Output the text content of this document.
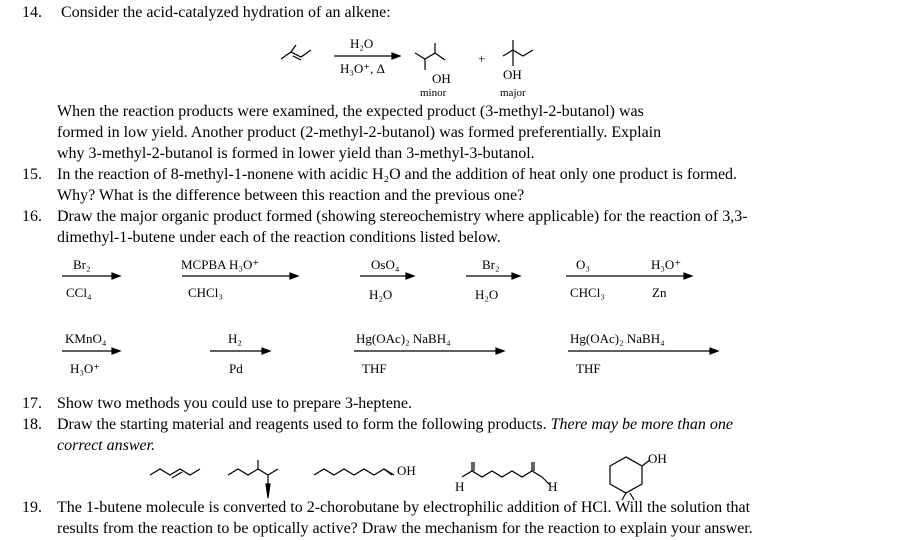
14. Consider the acid-catalyzed hydration of an alkene:
H₂O
H₃O⁺, Δ
+
OH	OH
minor	major
When the reaction products were examined, the expected product (3-methyl-2-butanol) was
formed in low yield. Another product (2-methyl-2-butanol) was formed preferentially. Explain
why 3-methyl-2-butanol is formed in lower yield than 3-methyl-3-butanol.
15. In the reaction of 8-methyl-1-nonene with acidic H₂O and the addition of heat only one product is formed.
Why? What is the difference between this reaction and the previous one?
16. Draw the major organic product formed (showing stereochemistry where applicable) for the reaction of 3,3-
dimethyl-1-butene under each of the reaction conditions listed below.
Br₂
CCl₄
MCPBA H₃O⁺
CHCl₃
OsO₄
H₂O
Br₂
H₂O
O₃
CHCl₃
H₃O⁺
Zn
KMnO₄
H₃O⁺
H₂
Pd
Hg(OAc)₂ NaBH₄
THF
Hg(OAc)₂ NaBH₄
THF
17. Show two methods you could use to prepare 3-heptene.
18. Draw the starting material and reagents used to form the following products. There may be more than one
correct answer.
OH
H	H
OH
19. The 1-butene molecule is converted to 2-chorobutane by electrophilic addition of HCl. Will the solution that
results from the reaction to be optically active? Draw the mechanism for the reaction to explain your answer.
